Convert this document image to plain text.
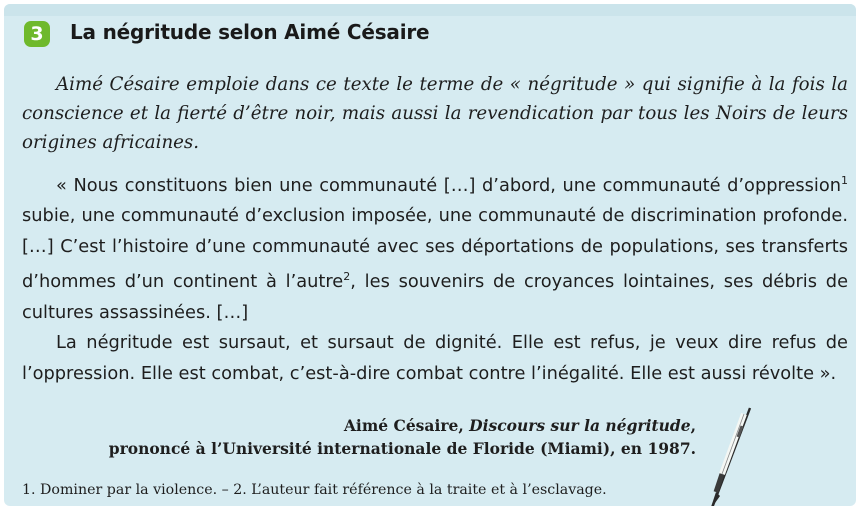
3	La négritude selon Aimé Césaire

Aimé Césaire emploie dans ce texte le terme de « négritude » qui signifie à la fois la conscience et la fierté d’être noir, mais aussi la revendication par tous les Noirs de leurs origines africaines.

« Nous constituons bien une communauté […] d’abord, une communauté d’oppression$^1$ subie, une communauté d’exclusion imposée, une communauté de discrimination profonde. […] C’est l’histoire d’une communauté avec ses déportations de populations, ses transferts d’hommes d’un continent à l’autre$^2$, les souvenirs de croyances lointaines, ses débris de cultures assassinées. […]

La négritude est sursaut, et sursaut de dignité. Elle est refus, je veux dire refus de l’oppression. Elle est combat, c’est-à-dire combat contre l’inégalité. Elle est aussi révolte ».

Aimé Césaire, Discours sur la négritude,
prononcé à l’Université internationale de Floride (Miami), en 1987.

1. Dominer par la violence. – 2. L’auteur fait référence à la traite et à l’esclavage.
